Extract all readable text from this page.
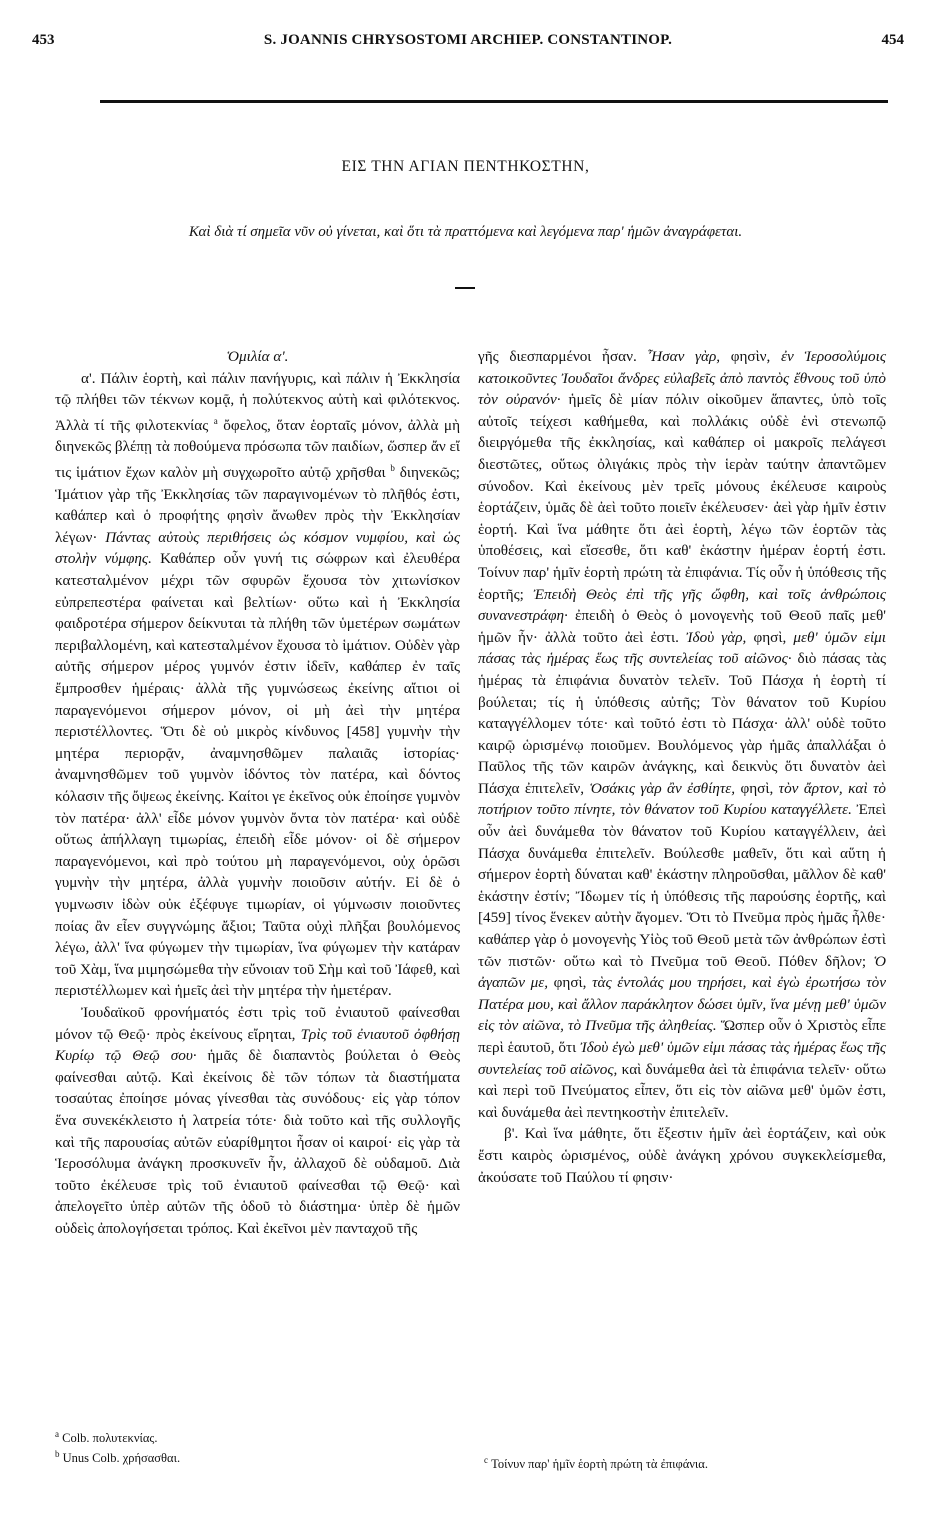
453	S. JOANNIS CHRYSOSTOMI ARCHIEP. CONSTANTINOP.	454
ΕΙΣ ΤΗΝ ΑΓΙΑΝ ΠΕΝΤΗΚΟΣΤΗΝ,
Καὶ διὰ τί σημεῖα νῦν οὐ γίνεται, καὶ ὅτι τὰ πραττόμενα καὶ λεγόμενα παρ' ἡμῶν ἀναγράφεται.

Ὁμιλία α'.

α'. Πάλιν ἑορτὴ, καὶ πάλιν πανήγυρις, καὶ πάλιν ἡ Ἐκκλησία τῷ πλήθει τῶν τέκνων κομᾷ, ἡ πολύτεκνος αὐτὴ καὶ φιλότεκνος. Ἀλλὰ τί τῆς φιλοτεκνίας $^a$ ὄφελος, ὅταν ἑορταῖς μόνον, ἀλλὰ μὴ διηνεκῶς βλέπῃ τὰ ποθούμενα πρόσωπα τῶν παιδίων, ὥσπερ ἄν εἴ τις ἱμάτιον ἔχων καλὸν μὴ συγχωροῖτο αὐτῷ χρῆσθαι $^b$ διηνεκῶς; Ἱμάτιον γὰρ τῆς Ἐκκλησίας τῶν παραγινομένων τὸ πλῆθός ἐστι, καθάπερ καὶ ὁ προφήτης φησὶν ἄνωθεν πρὸς τὴν Ἐκκλησίαν λέγων· Πάντας αὐτοὺς περιθήσεις ὡς κόσμον νυμφίου, καὶ ὡς στολὴν νύμφης. Καθάπερ οὖν γυνή τις σώφρων καὶ ἐλευθέρα κατεσταλμένον μέχρι τῶν σφυρῶν ἔχουσα τὸν χιτωνίσκον εὐπρεπεστέρα φαίνεται καὶ βελτίων· οὕτω καὶ ἡ Ἐκκλησία φαιδροτέρα σήμερον δείκνυται τὰ πλήθη τῶν ὑμετέρων σωμάτων περιβαλλομένη, καὶ κατεσταλμένον ἔχουσα τὸ ἱμάτιον. Οὐδὲν γὰρ αὐτῆς σήμερον μέρος γυμνόν ἐστιν ἰδεῖν, καθάπερ ἐν ταῖς ἔμπροσθεν ἡμέραις· ἀλλὰ τῆς γυμνώσεως ἐκείνης αἴτιοι οἱ παραγενόμενοι σήμερον μόνον, οἱ μὴ ἀεὶ τὴν μητέρα περιστέλλοντες. Ὅτι δὲ οὐ μικρὸς κίνδυνος [458] γυμνὴν τὴν μητέρα περιορᾷν, ἀναμνησθῶμεν παλαιᾶς ἱστορίας· ἀναμνησθῶμεν τοῦ γυμνὸν ἰδόντος τὸν πατέρα, καὶ δόντος κόλασιν τῆς ὄψεως ἐκείνης. Καίτοι γε ἐκεῖνος οὐκ ἐποίησε γυμνὸν τὸν πατέρα· ἀλλ' εἶδε μόνον γυμνὸν ὄντα τὸν πατέρα· καὶ οὐδὲ οὕτως ἀπήλλαγη τιμωρίας, ἐπειδὴ εἶδε μόνον· οἱ δὲ σήμερον παραγενόμενοι, καὶ πρὸ τούτου μὴ παραγενόμενοι, οὐχ ὁρῶσι γυμνὴν τὴν μητέρα, ἀλλὰ γυμνὴν ποιοῦσιν αὐτήν. Εἰ δὲ ὁ γυμνωσιν ἰδὼν οὐκ ἐξέφυγε τιμωρίαν, οἱ γύμνωσιν ποιοῦντες ποίας ἂν εἶεν συγγνώμης ἄξιοι; Ταῦτα οὐχὶ πλῆξαι βουλόμενος λέγω, ἀλλ' ἵνα φύγωμεν τὴν τιμωρίαν, ἵνα φύγωμεν τὴν κατάραν τοῦ Χὰμ, ἵνα μιμησώμεθα τὴν εὔνοιαν τοῦ Σὴμ καὶ τοῦ Ἰάφεθ, καὶ περιστέλλωμεν καὶ ἡμεῖς ἀεὶ τὴν μητέρα τὴν ἡμετέραν.

Ἰουδαϊκοῦ φρονήματός ἐστι τρὶς τοῦ ἐνιαυτοῦ φαίνεσθαι μόνον τῷ Θεῷ· πρὸς ἐκείνους εἴρηται, Τρὶς τοῦ ἐνιαυτοῦ ὀφθήσῃ Κυρίῳ τῷ Θεῷ σου· ἡμᾶς δὲ διαπαντὸς βούλεται ὁ Θεὸς φαίνεσθαι αὐτῷ. Καὶ ἐκείνοις δὲ τῶν τόπων τὰ διαστήματα τοσαύτας ἐποίησε μόνας γίνεσθαι τὰς συνόδους· εἰς γὰρ τόπον ἕνα συνεκέκλειστο ἡ λατρεία τότε· διὰ τοῦτο καὶ τῆς συλλογῆς καὶ τῆς παρουσίας αὐτῶν εὐαρίθμητοι ἦσαν οἱ καιροί· εἰς γὰρ τὰ Ἱεροσόλυμα ἀνάγκη προσκυνεῖν ἦν, ἀλλαχοῦ δὲ οὐδαμοῦ. Διὰ τοῦτο ἐκέλευσε τρὶς τοῦ ἐνιαυτοῦ φαίνεσθαι τῷ Θεῷ· καὶ ἀπελογεῖτο ὑπὲρ αὐτῶν τῆς ὁδοῦ τὸ διάστημα· ὑπὲρ δὲ ἡμῶν οὐδεὶς ἀπολογήσεται τρόπος. Καὶ ἐκεῖνοι μὲν πανταχοῦ τῆς

γῆς διεσπαρμένοι ἦσαν. Ἦσαν γὰρ, φησὶν, ἐν Ἱεροσολύμοις κατοικοῦντες Ἰουδαῖοι ἄνδρες εὐλαβεῖς ἀπὸ παντὸς ἔθνους τοῦ ὑπὸ τὸν οὐρανόν· ἡμεῖς δὲ μίαν πόλιν οἰκοῦμεν ἅπαντες, ὑπὸ τοῖς αὐτοῖς τείχεσι καθήμεθα, καὶ πολλάκις οὐδὲ ἑνὶ στενωπῷ διειργόμεθα τῆς ἐκκλησίας, καὶ καθάπερ οἱ μακροῖς πελάγεσι διεστῶτες, οὕτως ὀλιγάκις πρὸς τὴν ἱερὰν ταύτην ἀπαντῶμεν σύνοδον. Καὶ ἐκείνους μὲν τρεῖς μόνους ἐκέλευσε καιροὺς ἑορτάζειν, ὑμᾶς δὲ ἀεὶ τοῦτο ποιεῖν ἐκέλευσεν· ἀεὶ γὰρ ἡμῖν ἐστιν ἑορτή. Καὶ ἵνα μάθητε ὅτι ἀεὶ ἑορτὴ, λέγω τῶν ἑορτῶν τὰς ὑποθέσεις, καὶ εἴσεσθε, ὅτι καθ' ἑκάστην ἡμέραν ἑορτή ἐστι. Τοίνυν παρ' ἡμῖν ἑορτὴ πρώτη τὰ ἐπιφάνια. Τίς οὖν ἡ ὑπόθεσις τῆς ἑορτῆς; Ἐπειδὴ Θεὸς ἐπὶ τῆς γῆς ὤφθη, καὶ τοῖς ἀνθρώποις συνανεστράφη· ἐπειδὴ ὁ Θεὸς ὁ μονογενὴς τοῦ Θεοῦ παῖς μεθ' ἡμῶν ἦν· ἀλλὰ τοῦτο ἀεὶ ἐστι. Ἰδοὺ γὰρ, φησὶ, μεθ' ὑμῶν εἰμι πάσας τὰς ἡμέρας ἕως τῆς συντελείας τοῦ αἰῶνος· διὸ πάσας τὰς ἡμέρας τὰ ἐπιφάνια δυνατὸν τελεῖν. Τοῦ Πάσχα ἡ ἑορτὴ τί βούλεται; τίς ἡ ὑπόθεσις αὐτῆς; Τὸν θάνατον τοῦ Κυρίου καταγγέλλομεν τότε· καὶ τοῦτό ἐστι τὸ Πάσχα· ἀλλ' οὐδὲ τοῦτο καιρῷ ὡρισμένῳ ποιοῦμεν. Βουλόμενος γὰρ ἡμᾶς ἀπαλλάξαι ὁ Παῦλος τῆς τῶν καιρῶν ἀνάγκης, καὶ δεικνὺς ὅτι δυνατὸν ἀεὶ Πάσχα ἐπιτελεῖν, Ὁσάκις γὰρ ἂν ἐσθίητε, φησὶ, τὸν ἄρτον, καὶ τὸ ποτήριον τοῦτο πίνητε, τὸν θάνατον τοῦ Κυρίου καταγγέλλετε. Ἐπεὶ οὖν ἀεὶ δυνάμεθα τὸν θάνατον τοῦ Κυρίου καταγγέλλειν, ἀεὶ Πάσχα δυνάμεθα ἐπιτελεῖν. Βούλεσθε μαθεῖν, ὅτι καὶ αὕτη ἡ σήμερον ἑορτὴ δύναται καθ' ἑκάστην πληροῦσθαι, μᾶλλον δὲ καθ' ἑκάστην ἐστίν; Ἴδωμεν τίς ἡ ὑπόθεσις τῆς παρούσης ἑορτῆς, καὶ [459] τίνος ἕνεκεν αὐτὴν ἄγομεν. Ὅτι τὸ Πνεῦμα πρὸς ἡμᾶς ἦλθε· καθάπερ γὰρ ὁ μονογενὴς Υἱὸς τοῦ Θεοῦ μετὰ τῶν ἀνθρώπων ἐστὶ τῶν πιστῶν· οὕτω καὶ τὸ Πνεῦμα τοῦ Θεοῦ. Πόθεν δῆλον; Ὁ ἀγαπῶν με, φησὶ, τὰς ἐντολάς μου τηρήσει, καὶ ἐγὼ ἐρωτήσω τὸν Πατέρα μου, καὶ ἄλλον παράκλητον δώσει ὑμῖν, ἵνα μένῃ μεθ' ὑμῶν εἰς τὸν αἰῶνα, τὸ Πνεῦμα τῆς ἀληθείας. Ὥσπερ οὖν ὁ Χριστὸς εἶπε περὶ ἑαυτοῦ, ὅτι Ἰδοὺ ἐγὼ μεθ' ὑμῶν εἰμι πάσας τὰς ἡμέρας ἕως τῆς συντελείας τοῦ αἰῶνος, καὶ δυνάμεθα ἀεὶ τὰ ἐπιφάνια τελεῖν· οὕτω καὶ περὶ τοῦ Πνεύματος εἶπεν, ὅτι εἰς τὸν αἰῶνα μεθ' ὑμῶν ἐστι, καὶ δυνάμεθα ἀεὶ πεντηκοστὴν ἐπιτελεῖν.

β'. Καὶ ἵνα μάθητε, ὅτι ἔξεστιν ἡμῖν ἀεὶ ἑορτάζειν, καὶ οὐκ ἔστι καιρὸς ὡρισμένος, οὐδὲ ἀνάγκη χρόνου συγκεκλείσμεθα, ἀκούσατε τοῦ Παύλου τί φησιν·

$^a$ Colb. πολυτεκνίας.

$^b$ Unus Colb. χρήσασθαι.	$^c$ Τοίνυν παρ' ἡμῖν ἑορτὴ πρώτη τὰ ἐπιφάνια.
